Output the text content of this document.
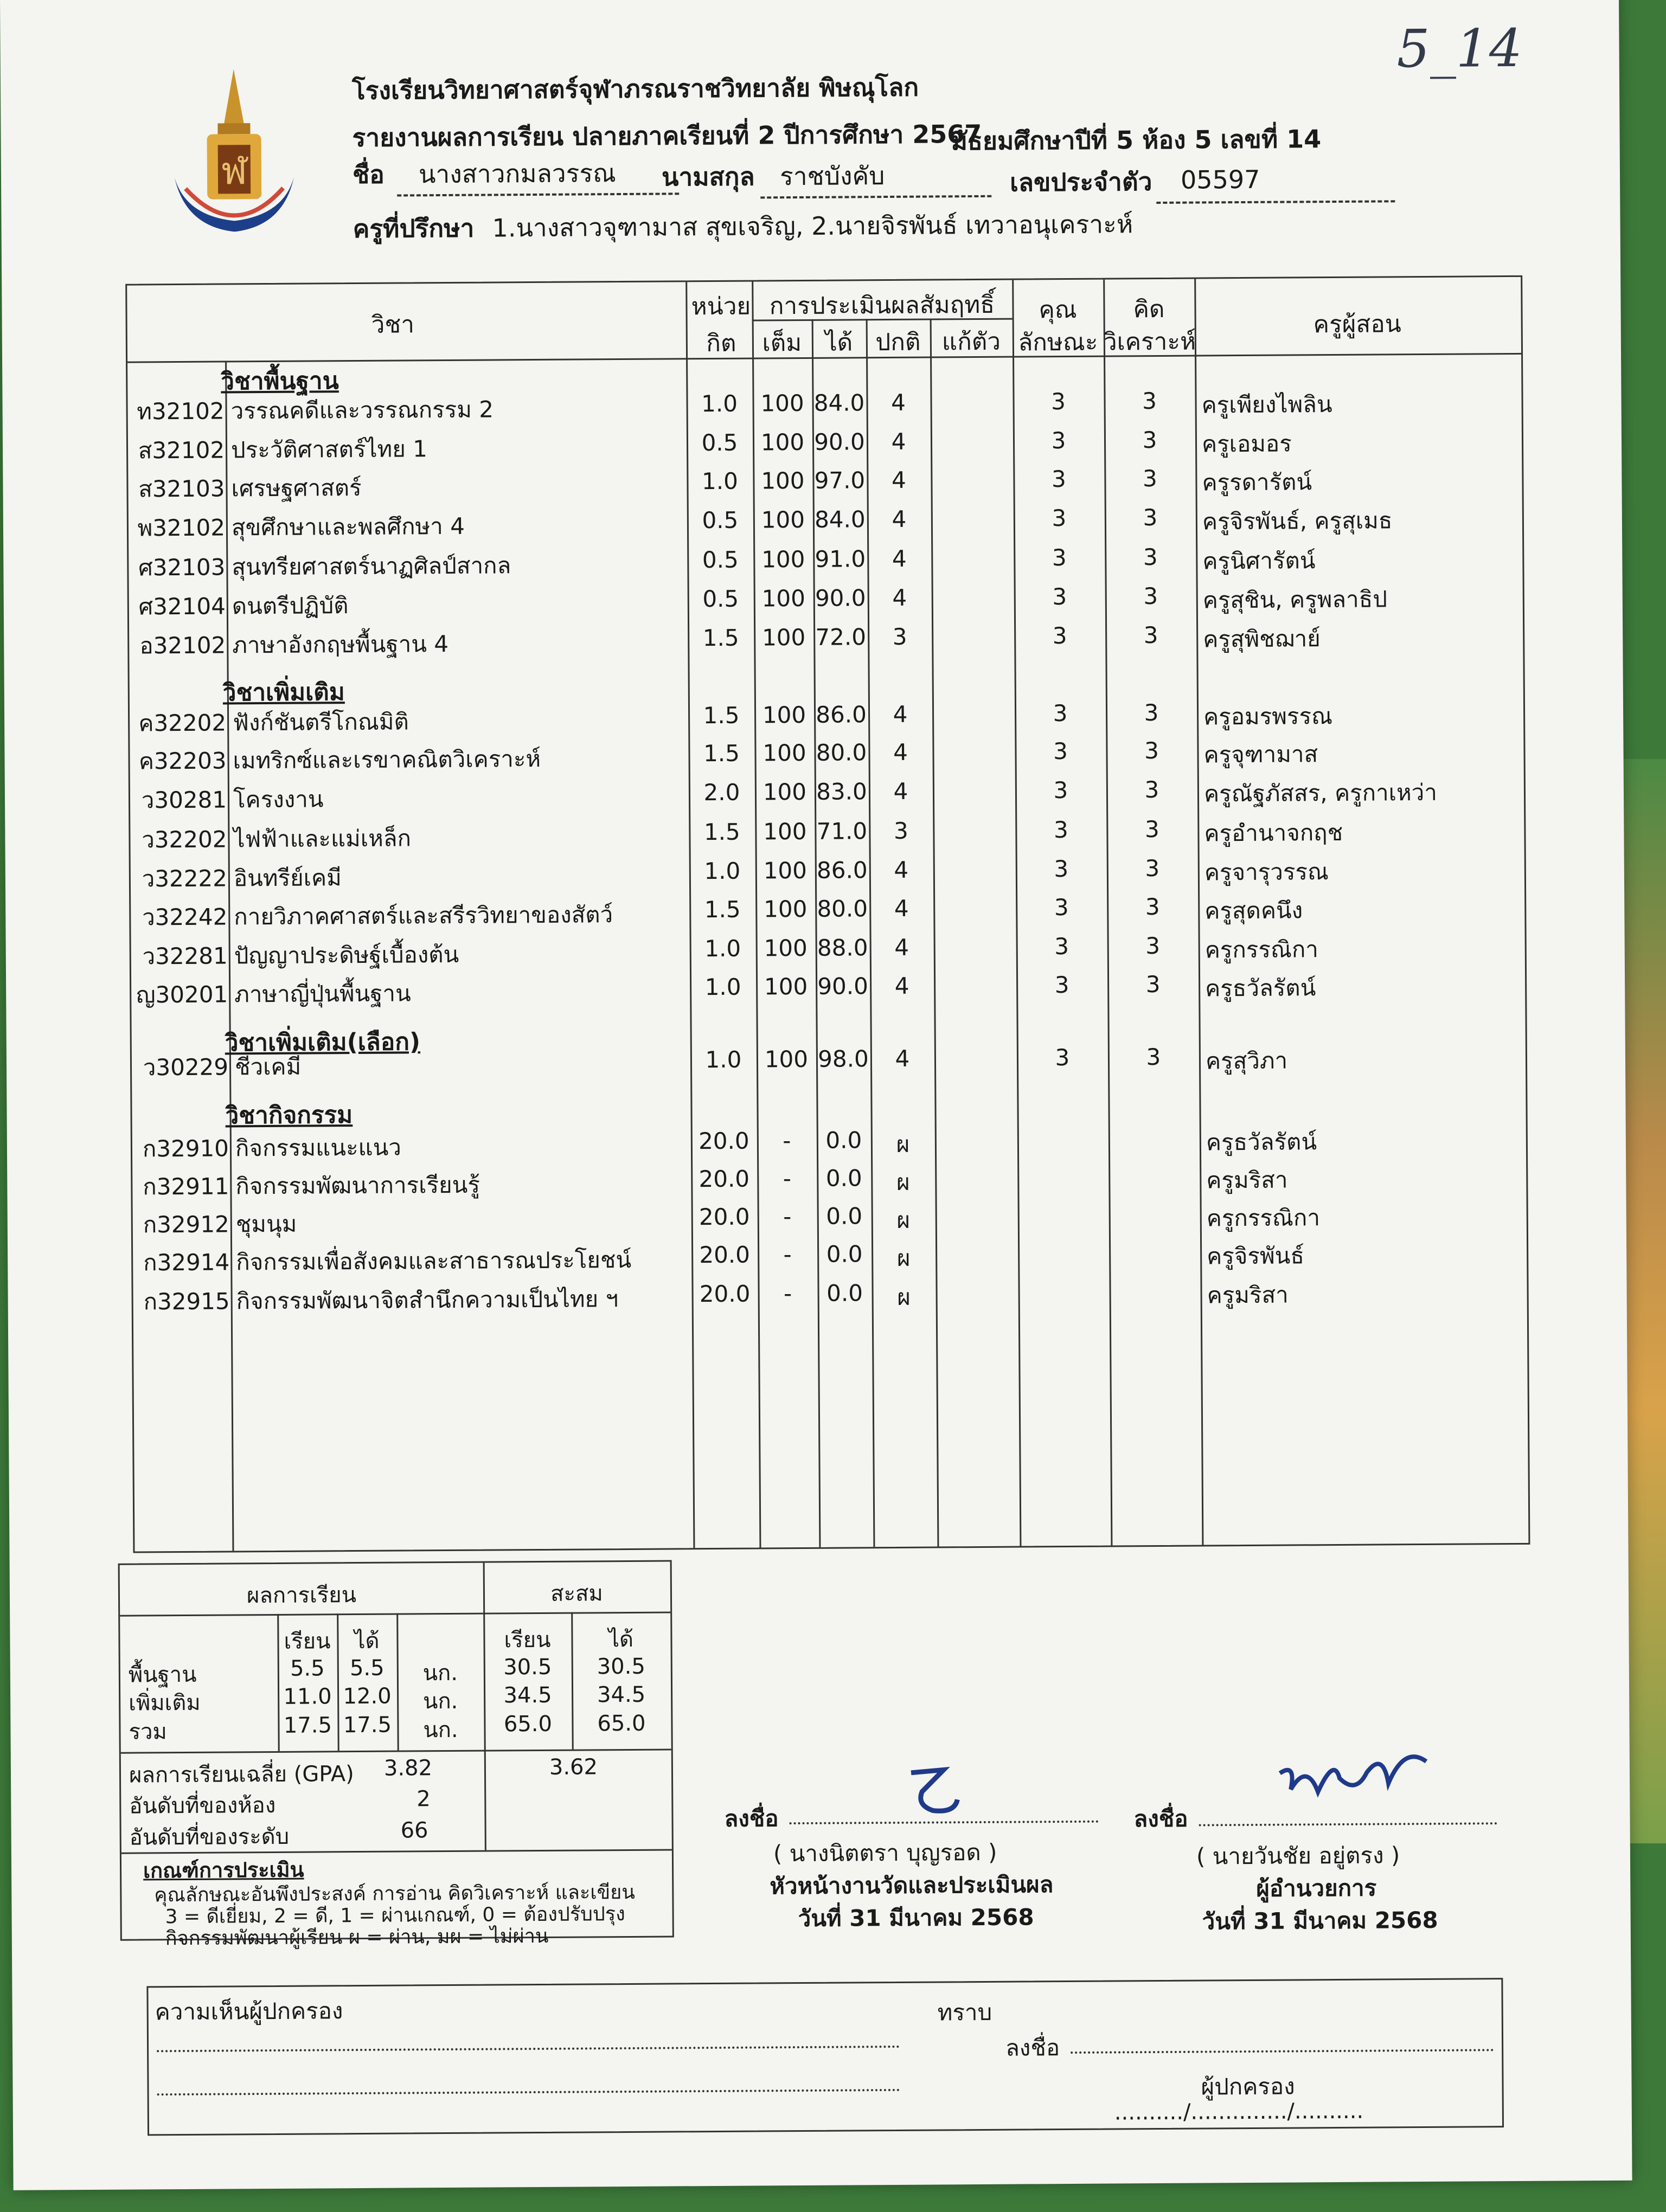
5_14
ฬ
โรงเรียนวิทยาศาสตร์จุฬาภรณราชวิทยาลัย พิษณุโลก
รายงานผลการเรียน ปลายภาคเรียนที่ 2 ปีการศึกษา 2567
มัธยมศึกษาปีที่ 5 ห้อง 5 เลขที่ 14
ชื่อ	นางสาวกมลวรรณ	นามสกุล ราชบังคับ	เลขประจำตัว 05597
ครูที่ปรึกษา 1.นางสาวจุฑามาส สุขเจริญ, 2.นายจิรพันธ์ เทวาอนุเคราะห์
วิชา
หน่วย
กิต
การประเมินผลสัมฤทธิ์
เต็ม ได้ ปกติ แก้ตัว
คุณ
ลักษณะ
คิด
วิเคราะห์
ครูผู้สอน
วิชาพื้นฐาน
วิชาเพิ่มเติม
วิชาเพิ่มเติม(เลือก)
วิชากิจกรรม
ท32102 วรรณคดีและวรรณกรรม 2	1.0	100 84.0	4	3	3	ครูเพียงไพลิน
ส32102 ประวัติศาสตร์ไทย 1	0.5	100 90.0	4	3	3	ครูเอมอร
ส32103 เศรษฐศาสตร์	1.0	100 97.0	4	3	3	ครูรดารัตน์
พ32102 สุขศึกษาและพลศึกษา 4	0.5	100 84.0	4	3	3	ครูจิรพันธ์, ครูสุเมธ
ศ32103 สุนทรียศาสตร์นาฏศิลป์สากล	0.5	100 91.0	4	3	3	ครูนิศารัตน์
ศ32104 ดนตรีปฏิบัติ	0.5	100 90.0	4	3	3	ครูสุชิน, ครูพลาธิป
อ32102 ภาษาอังกฤษพื้นฐาน 4	1.5	100 72.0	3	3	3	ครูสุพิชฌาย์
ค32202 ฟังก์ชันตรีโกณมิติ	1.5	100 86.0	4	3	3	ครูอมรพรรณ
ค32203 เมทริกซ์และเรขาคณิตวิเคราะห์	1.5	100 80.0	4	3	3	ครูจุฑามาส
ว30281 โครงงาน	2.0	100 83.0	4	3	3	ครูณัฐภัสสร, ครูกาเหว่า
ว32202 ไฟฟ้าและแม่เหล็ก	1.5	100 71.0	3	3	3	ครูอำนาจกฤช
ว32222 อินทรีย์เคมี	1.0	100 86.0	4	3	3	ครูจารุวรรณ
ว32242 กายวิภาคศาสตร์และสรีรวิทยาของสัตว์	1.5	100 80.0	4	3	3	ครูสุดคนึง
ว32281 ปัญญาประดิษฐ์เบื้องต้น	1.0	100 88.0	4	3	3	ครูกรรณิกา
ญ30201 ภาษาญี่ปุ่นพื้นฐาน	1.0	100 90.0	4	3	3	ครูธวัลรัตน์
ว30229 ชีวเคมี	1.0	100 98.0	4	3	3	ครูสุวิภา
ก32910 กิจกรรมแนะแนว	20.0	-	0.0	ผ	ครูธวัลรัตน์
ก32911 กิจกรรมพัฒนาการเรียนรู้	20.0	-	0.0	ผ	ครูมริสา
ก32912 ชุมนุม	20.0	-	0.0	ผ	ครูกรรณิกา
ก32914 กิจกรรมเพื่อสังคมและสาธารณประโยชน์	20.0	-	0.0	ผ	ครูจิรพันธ์
ก32915 กิจกรรมพัฒนาจิตสำนึกความเป็นไทย ฯ	20.0	-	0.0	ผ	ครูมริสา
ผลการเรียน	สะสม
เรียน	ได้	เรียน	ได้
พื้นฐาน	5.5	5.5	นก.	30.5	30.5
เพิ่มเติม	11.0 12.0	นก.	34.5	34.5
รวม	17.5 17.5	นก.	65.0	65.0
ผลการเรียนเฉลี่ย (GPA) 3.82	3.62
อันดับที่ของห้อง	2
อันดับที่ของระดับ	66
เกณฑ์การประเมิน
คุณลักษณะอันพึงประสงค์ การอ่าน คิดวิเคราะห์ และเขียน
3 = ดีเยี่ยม, 2 = ดี, 1 = ผ่านเกณฑ์, 0 = ต้องปรับปรุง
กิจกรรมพัฒนาผู้เรียน ผ = ผ่าน, มผ = ไม่ผ่าน
ลงชื่อ
( นางนิตตรา บุญรอด )
หัวหน้างานวัดและประเมินผล
วันที่ 31 มีนาคม 2568
ลงชื่อ
( นายวันชัย อยู่ตรง )
ผู้อำนวยการ
วันที่ 31 มีนาคม 2568
ความเห็นผู้ปกครอง	ทราบ
ลงชื่อ
ผู้ปกครอง
........../............../..........
